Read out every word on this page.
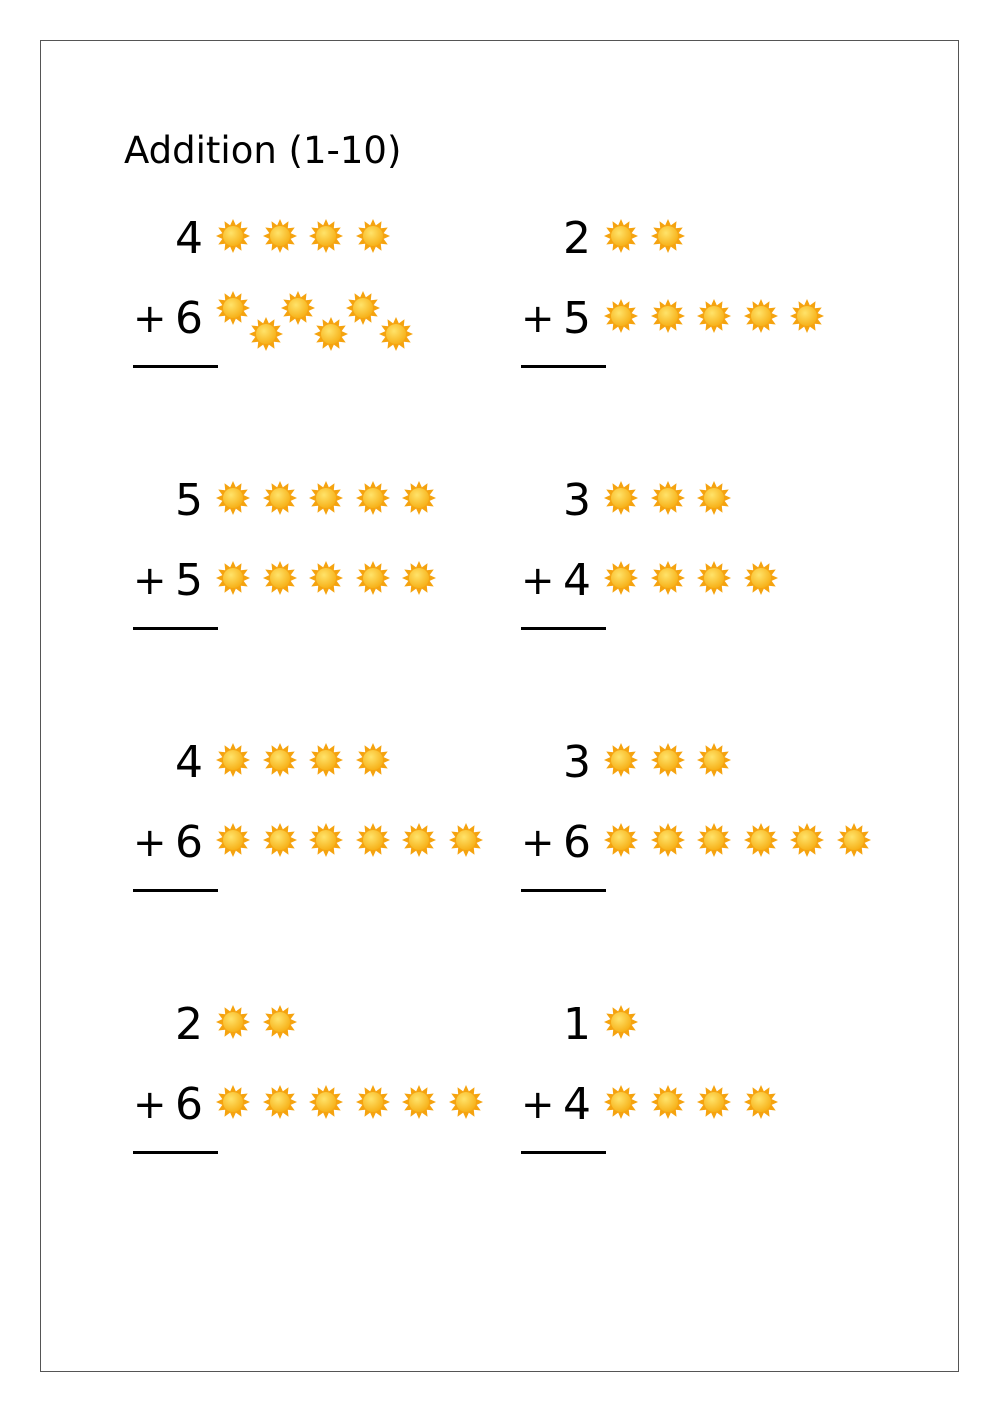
Addition (1-10)
4
+ 6
2
+ 5
5
+ 5
3
+ 4
4
+ 6
3
+ 6
2
+ 6
1
+ 4
